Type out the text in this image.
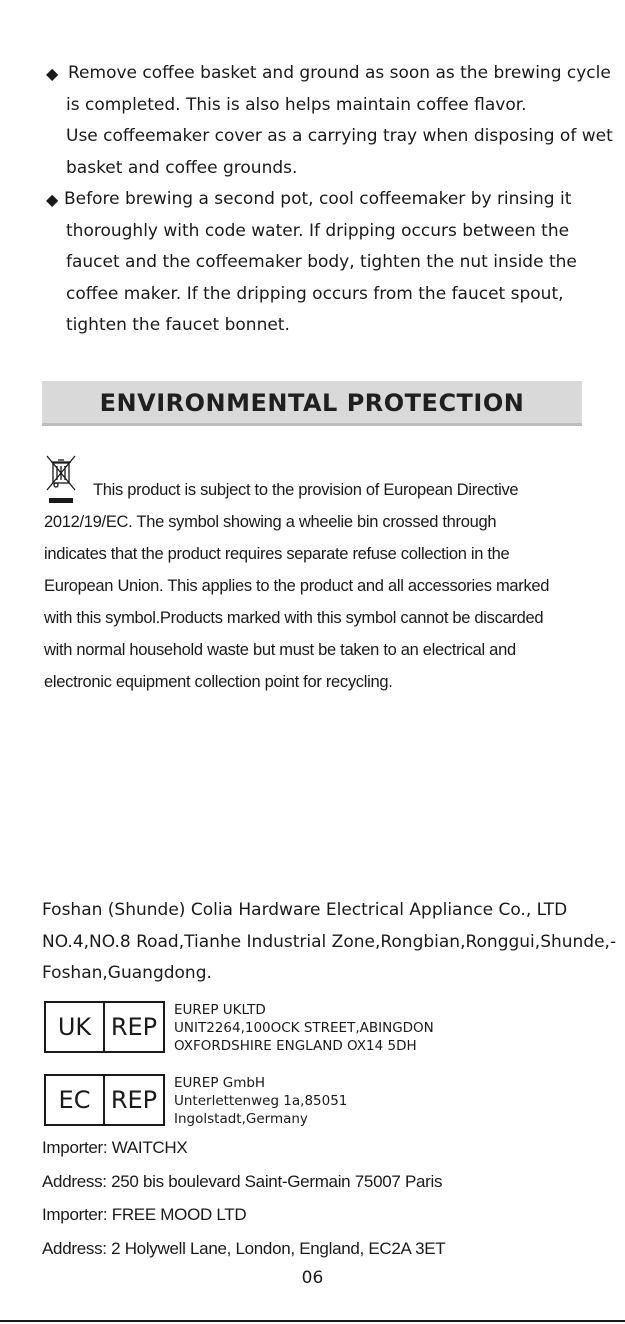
◆ Remove coffee basket and ground as soon as the brewing cycle
is completed. This is also helps maintain coffee flavor.
Use coffeemaker cover as a carrying tray when disposing of wet
basket and coffee grounds.
◆ Before brewing a second pot, cool coffeemaker by rinsing it
thoroughly with code water. If dripping occurs between the
faucet and the coffeemaker body, tighten the nut inside the
coffee maker. If the dripping occurs from the faucet spout,
tighten the faucet bonnet.
ENVIRONMENTAL PROTECTION
This product is subject to the provision of European Directive
2012/19/EC. The symbol showing a wheelie bin crossed through
indicates that the product requires separate refuse collection in the
European Union. This applies to the product and all accessories marked
with this symbol.Products marked with this symbol cannot be discarded
with normal household waste but must be taken to an electrical and
electronic equipment collection point for recycling.
Foshan (Shunde) Colia Hardware Electrical Appliance Co., LTD
NO.4,NO.8 Road,Tianhe Industrial Zone,Rongbian,Ronggui,Shunde,-
Foshan,Guangdong.
UK REP
EUREP UKLTD
UNIT2264,100OCK STREET,ABINGDON
OXFORDSHIRE ENGLAND OX14 5DH
EC REP
EUREP GmbH
Unterlettenweg 1a,85051
Ingolstadt,Germany
Importer: WAITCHX
Address: 250 bis boulevard Saint-Germain 75007 Paris
Importer: FREE MOOD LTD
Address: 2 Holywell Lane, London, England, EC2A 3ET
06
